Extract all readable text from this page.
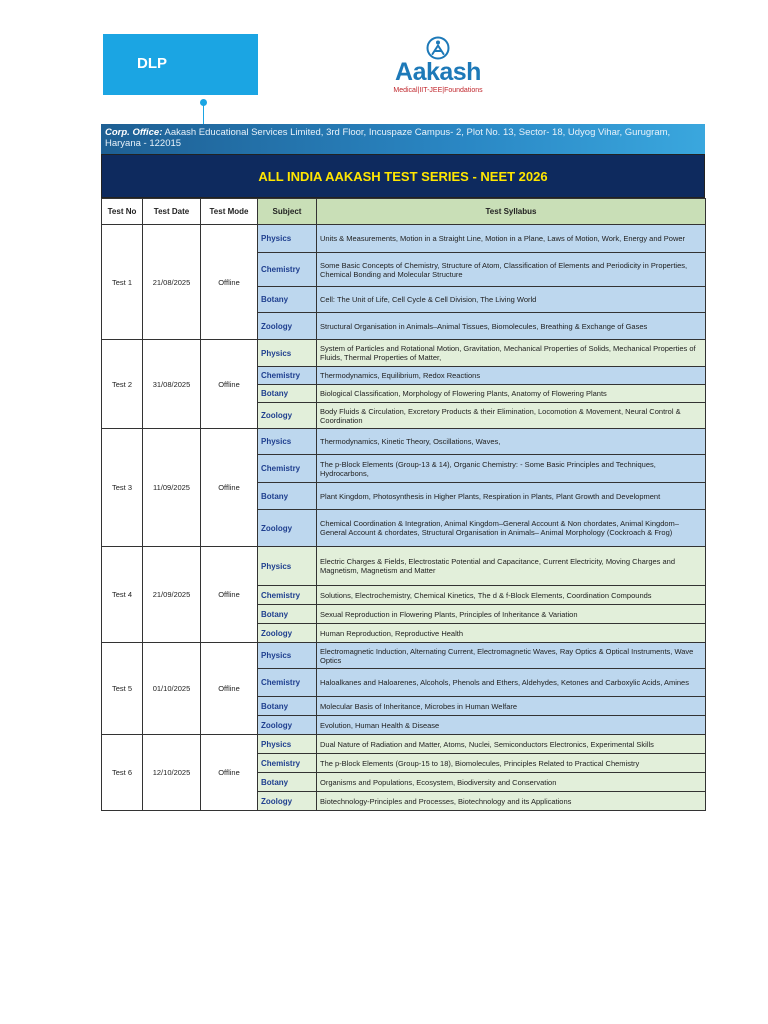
DLP	Aakash
Medical|IIT-JEE|Foundations
Corp. Office: Aakash Educational Services Limited, 3rd Floor, Incuspaze Campus- 2, Plot No. 13, Sector- 18, Udyog Vihar, Gurugram, Haryana - 122015
ALL INDIA AAKASH TEST SERIES - NEET 2026
Test No	Test Date	Test Mode	Subject	Test Syllabus
Test 1	21/08/2025	Offline	Physics	Units & Measurements, Motion in a Straight Line, Motion in a Plane, Laws of Motion, Work, Energy and Power
			Chemistry	Some Basic Concepts of Chemistry, Structure of Atom, Classification of Elements and Periodicity in Properties, Chemical Bonding and Molecular Structure
			Botany	Cell: The Unit of Life, Cell Cycle & Cell Division, The Living World
			Zoology	Structural Organisation in Animals–Animal Tissues, Biomolecules, Breathing & Exchange of Gases
Test 2	31/08/2025	Offline	Physics	System of Particles and Rotational Motion, Gravitation, Mechanical Properties of Solids, Mechanical Properties of Fluids, Thermal Properties of Matter,
			Chemistry	Thermodynamics, Equilibrium, Redox Reactions
			Botany	Biological Classification, Morphology of Flowering Plants, Anatomy of Flowering Plants
			Zoology	Body Fluids & Circulation, Excretory Products & their Elimination, Locomotion & Movement, Neural Control & Coordination
Test 3	11/09/2025	Offline	Physics	Thermodynamics, Kinetic Theory, Oscillations, Waves,
			Chemistry	The p-Block Elements (Group-13 & 14), Organic Chemistry: - Some Basic Principles and Techniques, Hydrocarbons,
			Botany	Plant Kingdom, Photosynthesis in Higher Plants, Respiration in Plants, Plant Growth and Development
			Zoology	Chemical Coordination & Integration, Animal Kingdom–General Account & Non chordates, Animal Kingdom–General Account & chordates, Structural Organisation in Animals– Animal Morphology (Cockroach & Frog)
Test 4	21/09/2025	Offline	Physics	Electric Charges & Fields, Electrostatic Potential and Capacitance, Current Electricity, Moving Charges and Magnetism, Magnetism and Matter
			Chemistry	Solutions, Electrochemistry, Chemical Kinetics, The d & f-Block Elements, Coordination Compounds
			Botany	Sexual Reproduction in Flowering Plants, Principles of Inheritance & Variation
			Zoology	Human Reproduction, Reproductive Health
Test 5	01/10/2025	Offline	Physics	Electromagnetic Induction, Alternating Current, Electromagnetic Waves, Ray Optics & Optical Instruments, Wave Optics
			Chemistry	Haloalkanes and Haloarenes, Alcohols, Phenols and Ethers, Aldehydes, Ketones and Carboxylic Acids, Amines
			Botany	Molecular Basis of Inheritance, Microbes in Human Welfare
			Zoology	Evolution, Human Health & Disease
Test 6	12/10/2025	Offline	Physics	Dual Nature of Radiation and Matter, Atoms, Nuclei, Semiconductors Electronics, Experimental Skills
			Chemistry	The p-Block Elements (Group-15 to 18), Biomolecules, Principles Related to Practical Chemistry
			Botany	Organisms and Populations, Ecosystem, Biodiversity and Conservation
			Zoology	Biotechnology-Principles and Processes, Biotechnology and its Applications
